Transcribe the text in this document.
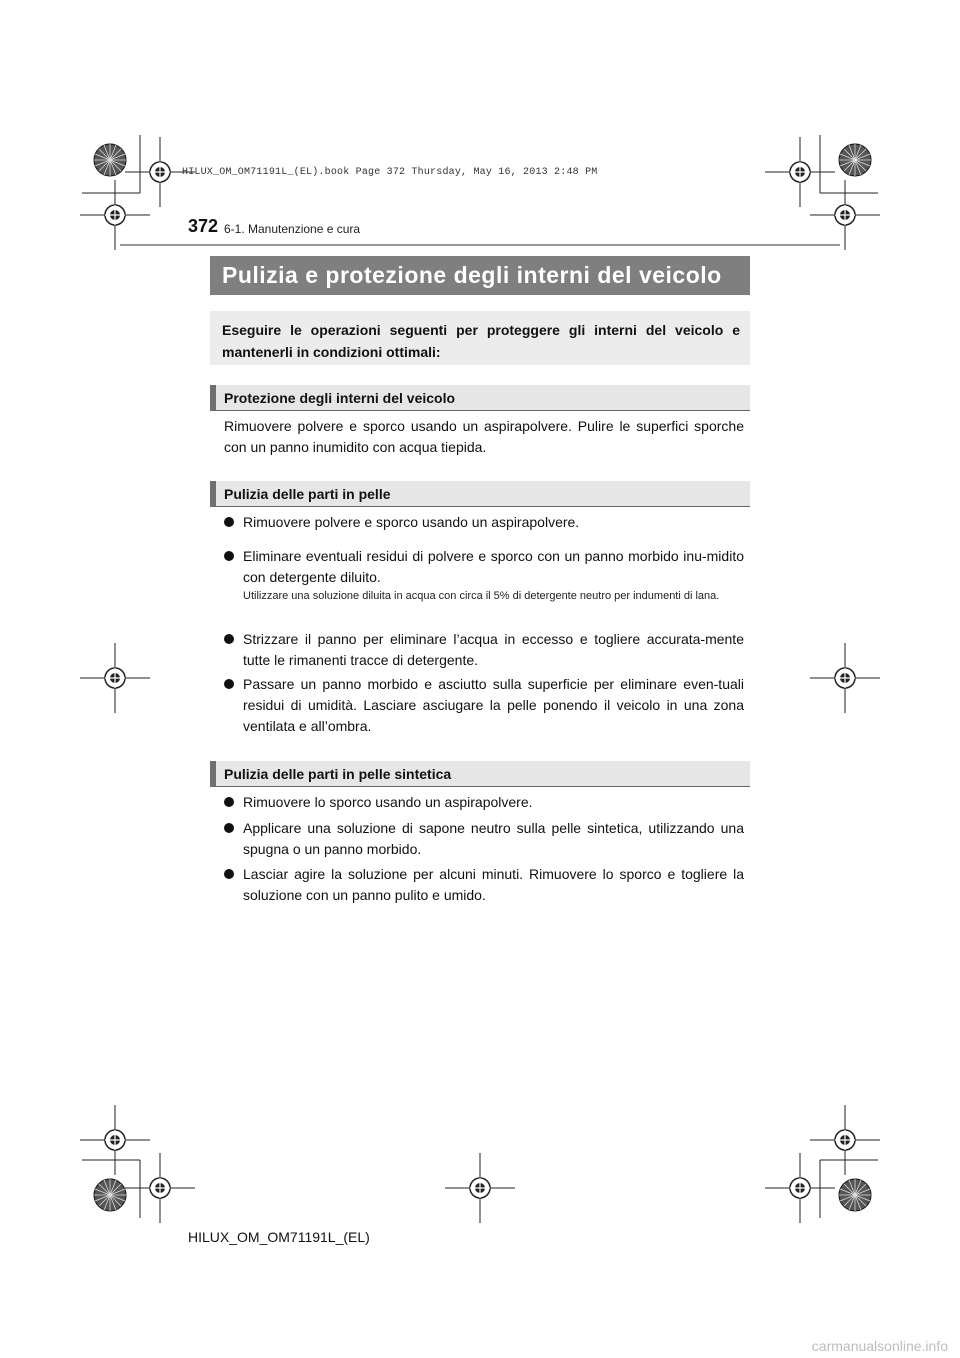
HILUX_OM_OM71191L_(EL).book Page 372 Thursday, May 16, 2013 2:48 PM
372 6-1. Manutenzione e cura
Pulizia e protezione degli interni del veicolo
Eseguire le operazioni seguenti per proteggere gli interni del veicolo e mantenerli in condizioni ottimali:
Protezione degli interni del veicolo
Rimuovere polvere e sporco usando un aspirapolvere. Pulire le superfici sporche con un panno inumidito con acqua tiepida.
Pulizia delle parti in pelle
Rimuovere polvere e sporco usando un aspirapolvere.
Eliminare eventuali residui di polvere e sporco con un panno morbido inu-midito con detergente diluito.
Utilizzare una soluzione diluita in acqua con circa il 5% di detergente neutro per indumenti di lana.
Strizzare il panno per eliminare l’acqua in eccesso e togliere accurata-mente tutte le rimanenti tracce di detergente.
Passare un panno morbido e asciutto sulla superficie per eliminare even-tuali residui di umidità. Lasciare asciugare la pelle ponendo il veicolo in una zona ventilata e all’ombra.
Pulizia delle parti in pelle sintetica
Rimuovere lo sporco usando un aspirapolvere.
Applicare una soluzione di sapone neutro sulla pelle sintetica, utilizzando una spugna o un panno morbido.
Lasciar agire la soluzione per alcuni minuti. Rimuovere lo sporco e togliere la soluzione con un panno pulito e umido.
HILUX_OM_OM71191L_(EL)
carmanualsonline.info
